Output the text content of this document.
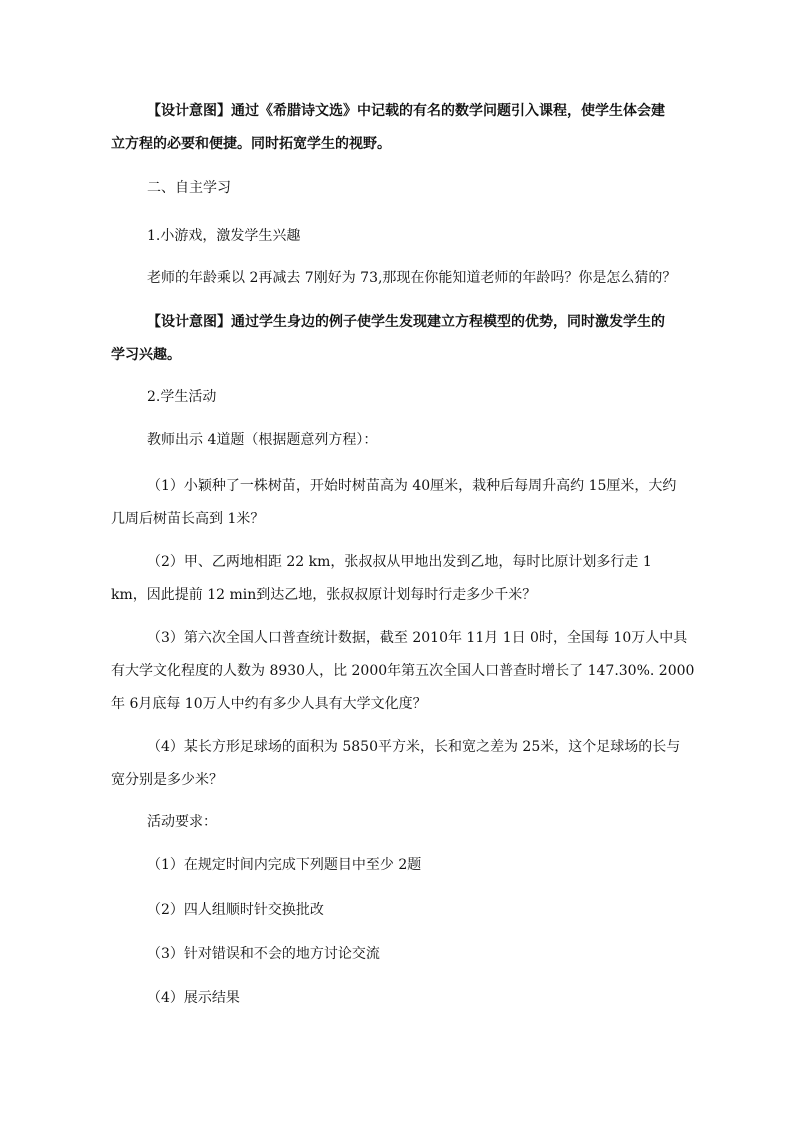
【设计意图】通过《希腊诗文选》中记载的有名的数学问题引入课程，使学生体会建
立方程的必要和便捷。同时拓宽学生的视野。
二、自主学习
1.小游戏，激发学生兴趣
老师的年龄乘以 2再减去 7刚好为 73,那现在你能知道老师的年龄吗？你是怎么猜的？
【设计意图】通过学生身边的例子使学生发现建立方程模型的优势，同时激发学生的
学习兴趣。
2.学生活动
教师出示 4道题（根据题意列方程）：
（1）小颖种了一株树苗，开始时树苗高为 40厘米，栽种后每周升高约 15厘米，大约
几周后树苗长高到 1米？
（2）甲、乙两地相距 22 km，张叔叔从甲地出发到乙地，每时比原计划多行走 1
km，因此提前 12 min到达乙地，张叔叔原计划每时行走多少千米？
（3）第六次全国人口普查统计数据，截至 2010年 11月 1日 0时，全国每 10万人中具
有大学文化程度的人数为 8930人，比 2000年第五次全国人口普查时增长了 147.30%. 2000
年 6月底每 10万人中约有多少人具有大学文化度？
（4）某长方形足球场的面积为 5850平方米，长和宽之差为 25米，这个足球场的长与
宽分别是多少米？
活动要求：
（1）在规定时间内完成下列题目中至少 2题
（2）四人组顺时针交换批改
（3）针对错误和不会的地方讨论交流
（4）展示结果
